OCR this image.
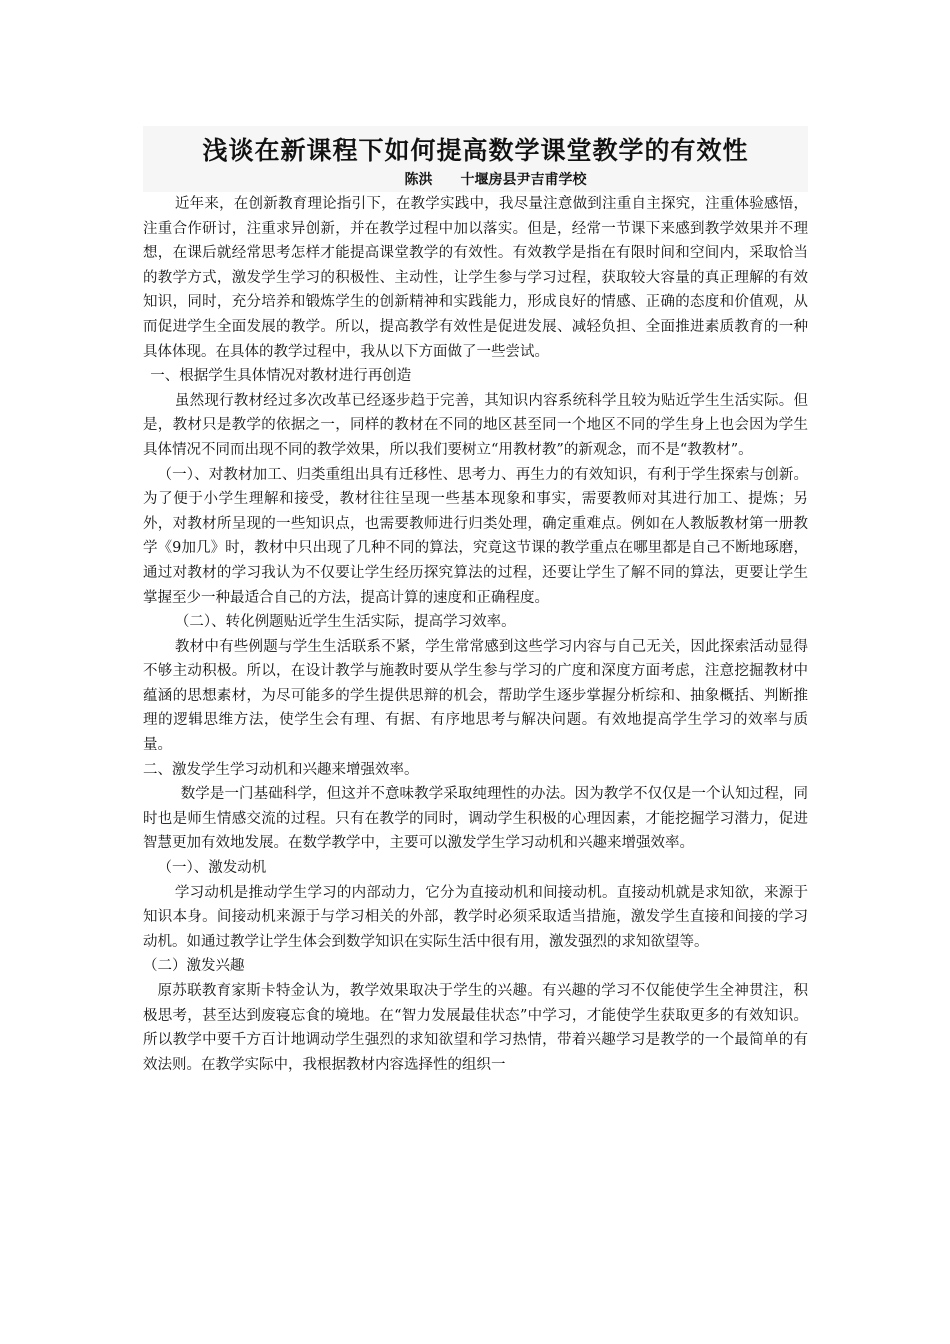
浅谈在新课程下如何提高数学课堂教学的有效性

陈洪 十堰房县尹吉甫学校

近年来，在创新教育理论指引下，在教学实践中，我尽量注意做到注重自主探究，注重体验感悟，注重合作研讨，注重求异创新，并在教学过程中加以落实。但是，经常一节课下来感到教学效果并不理想，在课后就经常思考怎样才能提高课堂教学的有效性。有效教学是指在有限时间和空间内，采取恰当的教学方式，激发学生学习的积极性、主动性，让学生参与学习过程，获取较大容量的真正理解的有效知识，同时，充分培养和锻炼学生的创新精神和实践能力，形成良好的情感、正确的态度和价值观，从而促进学生全面发展的教学。所以，提高教学有效性是促进发展、减轻负担、全面推进素质教育的一种具体体现。在具体的教学过程中，我从以下方面做了一些尝试。

一、根据学生具体情况对教材进行再创造

虽然现行教材经过多次改革已经逐步趋于完善，其知识内容系统科学且较为贴近学生生活实际。但是，教材只是教学的依据之一，同样的教材在不同的地区甚至同一个地区不同的学生身上也会因为学生具体情况不同而出现不同的教学效果，所以我们要树立“用教材教”的新观念，而不是“教教材”。

（一）、对教材加工、归类重组出具有迁移性、思考力、再生力的有效知识，有利于学生探索与创新。为了便于小学生理解和接受，教材往往呈现一些基本现象和事实，需要教师对其进行加工、提炼；另外，对教材所呈现的一些知识点，也需要教师进行归类处理，确定重难点。例如在人教版教材第一册教学《9加几》时，教材中只出现了几种不同的算法，究竟这节课的教学重点在哪里都是自己不断地琢磨，通过对教材的学习我认为不仅要让学生经历探究算法的过程，还要让学生了解不同的算法，更要让学生掌握至少一种最适合自己的方法，提高计算的速度和正确程度。

（二）、转化例题贴近学生生活实际，提高学习效率。

教材中有些例题与学生生活联系不紧，学生常常感到这些学习内容与自己无关，因此探索活动显得不够主动积极。所以，在设计教学与施教时要从学生参与学习的广度和深度方面考虑，注意挖掘教材中蕴涵的思想素材，为尽可能多的学生提供思辩的机会，帮助学生逐步掌握分析综和、抽象概括、判断推理的逻辑思维方法，使学生会有理、有据、有序地思考与解决问题。有效地提高学生学习的效率与质量。

二、激发学生学习动机和兴趣来增强效率。

数学是一门基础科学，但这并不意味教学采取纯理性的办法。因为教学不仅仅是一个认知过程，同时也是师生情感交流的过程。只有在教学的同时，调动学生积极的心理因素，才能挖掘学习潜力，促进智慧更加有效地发展。在数学教学中，主要可以激发学生学习动机和兴趣来增强效率。

（一）、激发动机

学习动机是推动学生学习的内部动力，它分为直接动机和间接动机。直接动机就是求知欲，来源于知识本身。间接动机来源于与学习相关的外部，教学时必须采取适当措施，激发学生直接和间接的学习动机。如通过教学让学生体会到数学知识在实际生活中很有用，激发强烈的求知欲望等。

（二）激发兴趣

原苏联教育家斯卡特金认为，教学效果取决于学生的兴趣。有兴趣的学习不仅能使学生全神贯注，积极思考，甚至达到废寝忘食的境地。在“智力发展最佳状态”中学习，才能使学生获取更多的有效知识。所以教学中要千方百计地调动学生强烈的求知欲望和学习热情，带着兴趣学习是教学的一个最简单的有效法则。在教学实际中，我根据教材内容选择性的组织一
